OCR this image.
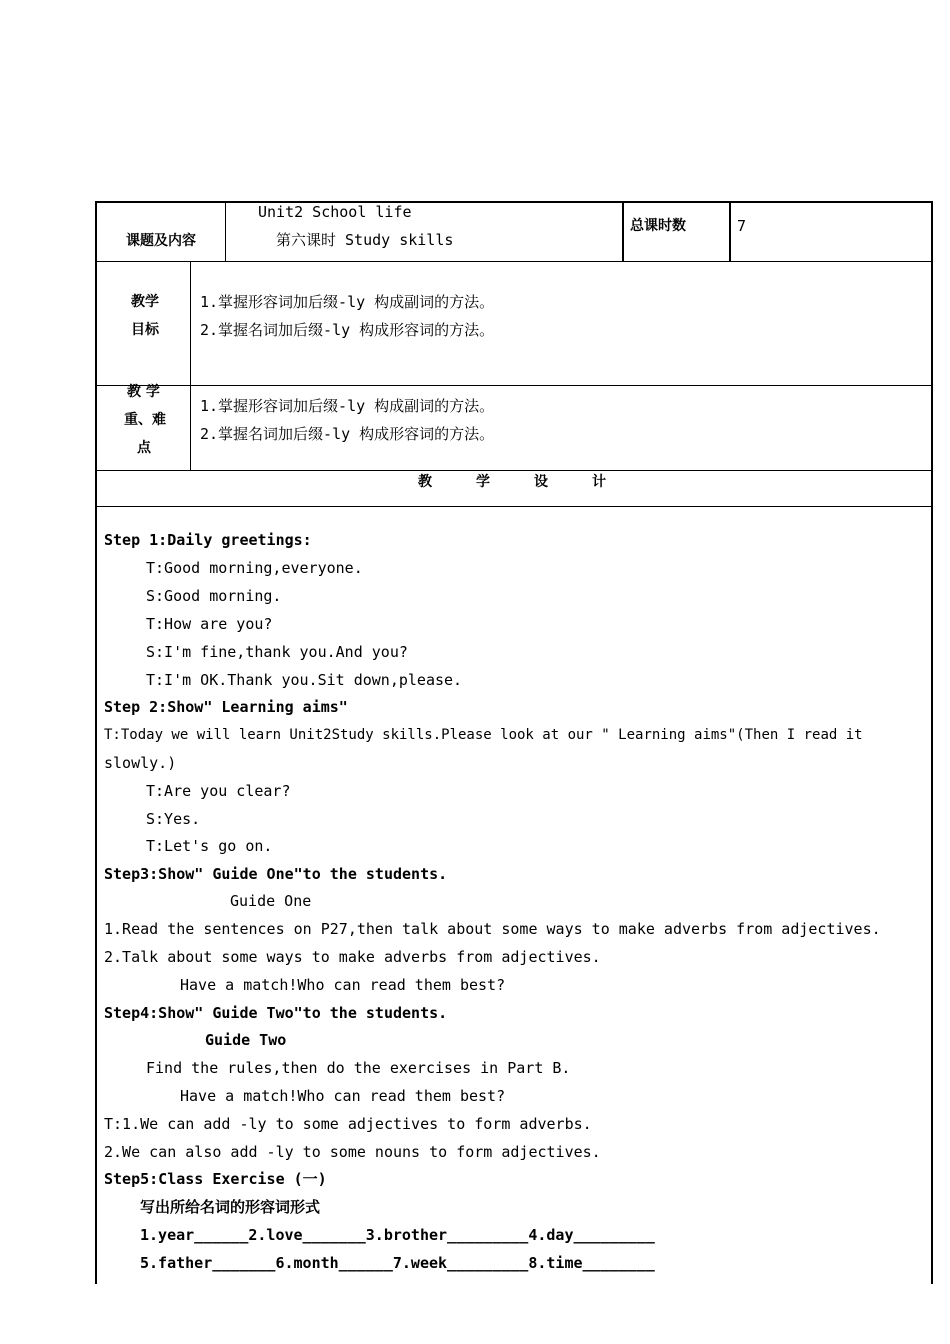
课题及内容
Unit2 School life
第六课时 Study skills
总课时数	7
教学
目标
1.掌握形容词加后缀-ly 构成副词的方法。
2.掌握名词加后缀-ly 构成形容词的方法。
教 学
重、难
点
1.掌握形容词加后缀-ly 构成副词的方法。
2.掌握名词加后缀-ly 构成形容词的方法。
教学设计
Step 1:Daily greetings:
T:Good morning,everyone.
S:Good morning.
T:How are you?
S:I'm fine,thank you.And you?
T:I'm OK.Thank you.Sit down,please.
Step 2:Show" Learning aims"
T:Today we will learn Unit2Study skills.Please look at our " Learning aims"(Then I read it
slowly.)
T:Are you clear?
S:Yes.
T:Let's go on.
Step3:Show" Guide One"to the students.
Guide One
1.Read the sentences on P27,then talk about some ways to make adverbs from adjectives.
2.Talk about some ways to make adverbs from adjectives.
Have a match!Who can read them best?
Step4:Show" Guide Two"to the students.
Guide Two
Find the rules,then do the exercises in Part B.
Have a match!Who can read them best?
T:1.We can add -ly to some adjectives to form adverbs.
2.We can also add -ly to some nouns to form adjectives.
Step5:Class Exercise (一)
写出所给名词的形容词形式
1.year______2.love_______3.brother_________4.day_________
5.father_______6.month______7.week_________8.time________
